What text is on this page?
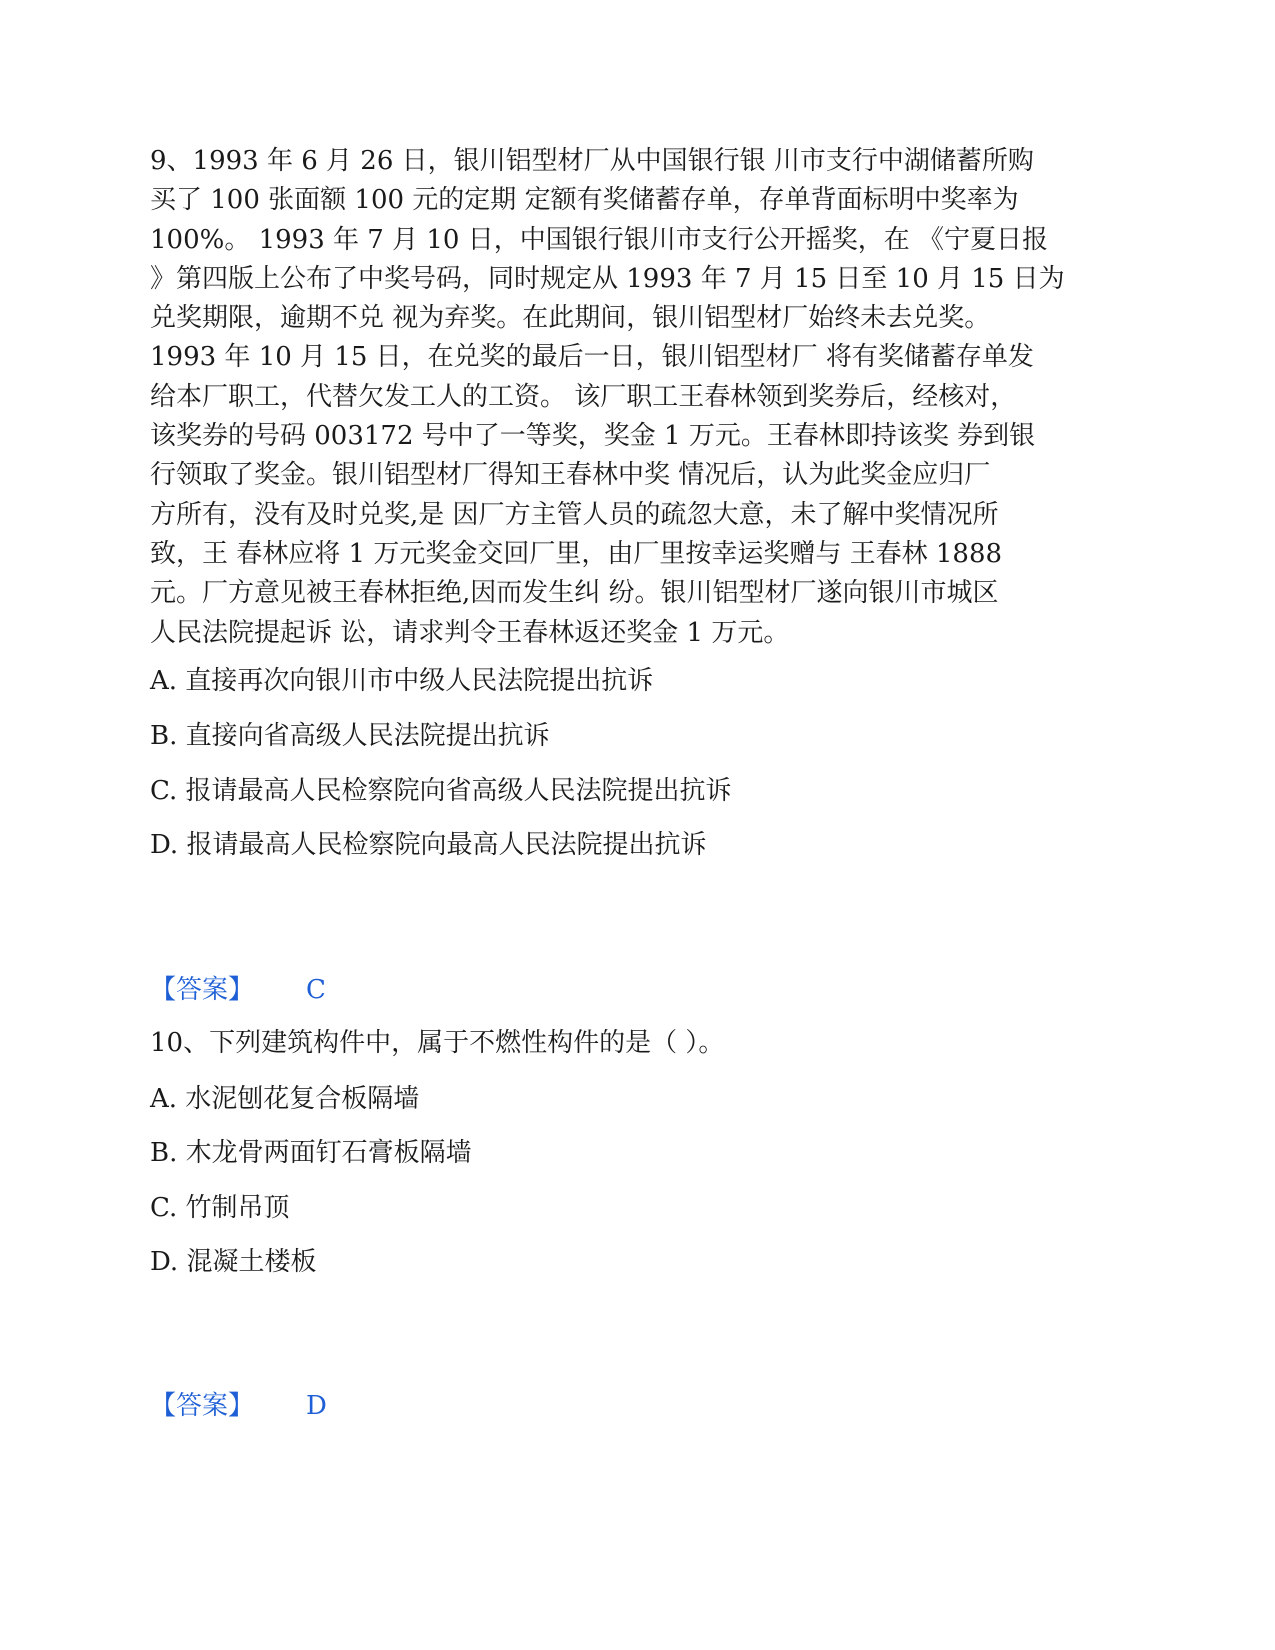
9、1993 年 6 月 26 日，银川铝型材厂从中国银行银 川市支行中湖储蓄所购
买了 100 张面额 100 元的定期 定额有奖储蓄存单，存单背面标明中奖率为
100%。 1993 年 7 月 10 日，中国银行银川市支行公开摇奖，在 《宁夏日报
》第四版上公布了中奖号码，同时规定从 1993 年 7 月 15 日至 10 月 15 日为
兑奖期限，逾期不兑 视为弃奖。在此期间，银川铝型材厂始终未去兑奖。
1993 年 10 月 15 日，在兑奖的最后一日，银川铝型材厂 将有奖储蓄存单发
给本厂职工，代替欠发工人的工资。 该厂职工王春林领到奖券后，经核对，
该奖券的号码 003172 号中了一等奖，奖金 1 万元。王春林即持该奖 券到银
行领取了奖金。银川铝型材厂得知王春林中奖 情况后，认为此奖金应归厂
方所有，没有及时兑奖,是 因厂方主管人员的疏忽大意，未了解中奖情况所
致，王 春林应将 1 万元奖金交回厂里，由厂里按幸运奖赠与 王春林 1888
元。厂方意见被王春林拒绝,因而发生纠 纷。银川铝型材厂遂向银川市城区
人民法院提起诉 讼，请求判令王春林返还奖金 1 万元。

A. 直接再次向银川市中级人民法院提出抗诉

B. 直接向省高级人民法院提出抗诉

C. 报请最高人民检察院向省高级人民法院提出抗诉

D. 报请最高人民检察院向最高人民法院提出抗诉

【答案】 C

10、下列建筑构件中，属于不燃性构件的是（ ）。

A. 水泥刨花复合板隔墙

B. 木龙骨两面钉石膏板隔墙

C. 竹制吊顶

D. 混凝土楼板

【答案】 D
